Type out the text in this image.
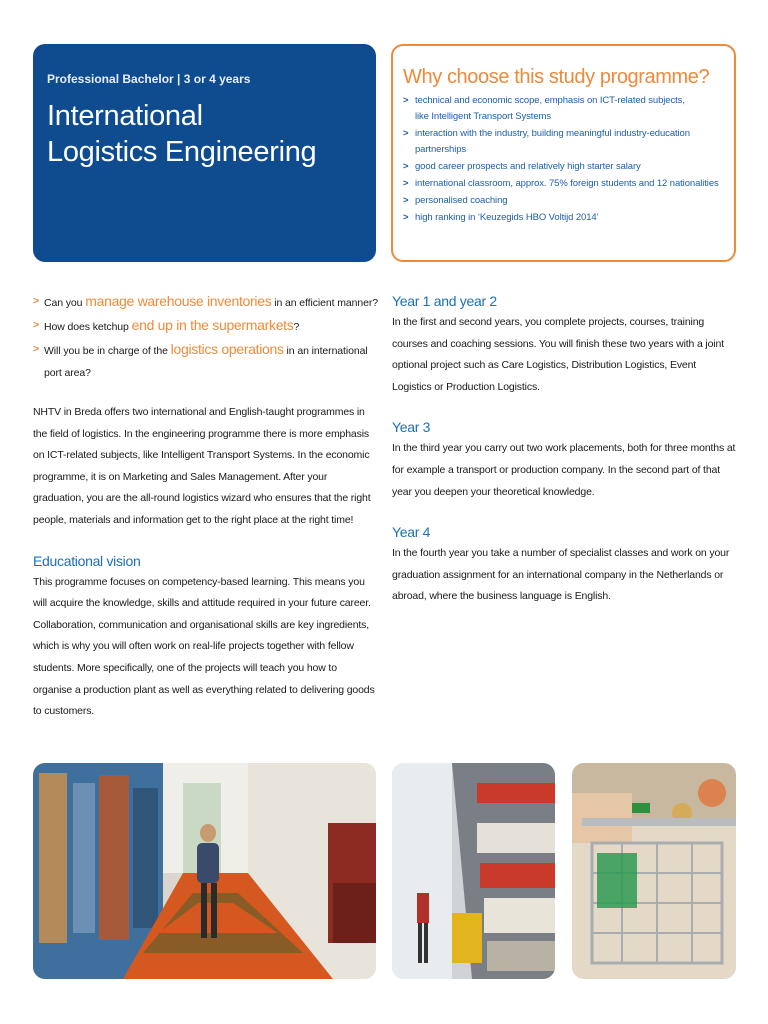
Professional Bachelor | 3 or 4 years
International
Logistics Engineering
Why choose this study programme?
> technical and economic scope, emphasis on ICT-related subjects,
like Intelligent Transport Systems
> interaction with the industry, building meaningful industry-education
partnerships
> good career prospects and relatively high starter salary
> international classroom, approx. 75% foreign students and 12 nationalities
> personalised coaching
> high ranking in ‘Keuzegids HBO Voltijd 2014’
> Can you manage warehouse inventories in an efficient manner?
> How does ketchup end up in the supermarkets?
> Will you be in charge of the logistics operations in an international port area?

NHTV in Breda offers two international and English-taught programmes in the field of logistics. In the engineering programme there is more emphasis on ICT-related subjects, like Intelligent Transport Systems. In the economic programme, it is on Marketing and Sales Management. After your graduation, you are the all-round logistics wizard who ensures that the right people, materials and information get to the right place at the right time!

Educational vision

This programme focuses on competency-based learning. This means you will acquire the knowledge, skills and attitude required in your future career. Collaboration, communication and organisational skills are key ingredients, which is why you will often work on real-life projects together with fellow students. More specifically, one of the projects will teach you how to organise a production plant as well as everything related to delivering goods to customers.

Year 1 and year 2

In the first and second years, you complete projects, courses, training courses and coaching sessions. You will finish these two years with a joint optional project such as Care Logistics, Distribution Logistics, Event Logistics or Production Logistics.

Year 3

In the third year you carry out two work placements, both for three months at for example a transport or production company. In the second part of that year you deepen your theoretical knowledge.

Year 4

In the fourth year you take a number of specialist classes and work on your graduation assignment for an international company in the Netherlands or abroad, where the business language is English.
